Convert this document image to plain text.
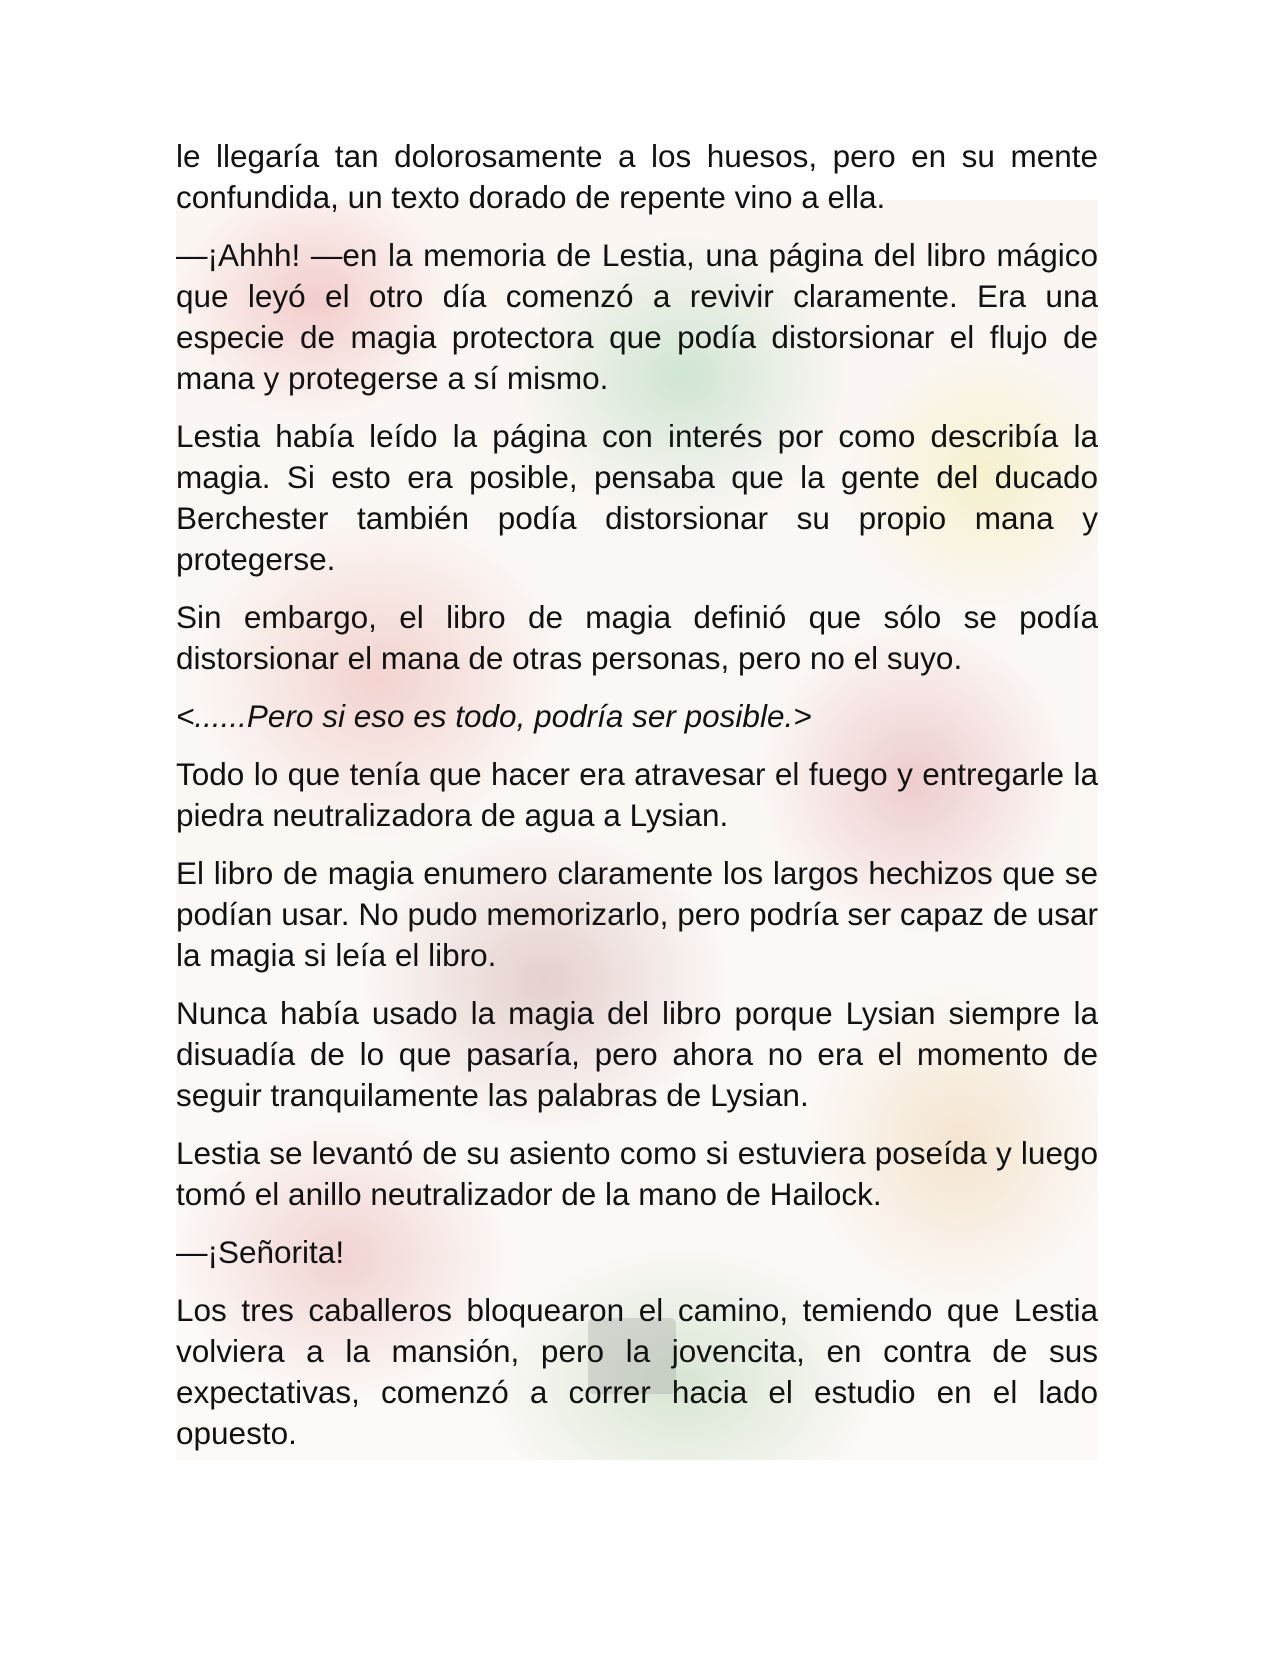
le llegaría tan dolorosamente a los huesos, pero en su mente confundida, un texto dorado de repente vino a ella.

—¡Ahhh! —en la memoria de Lestia, una página del libro mágico que leyó el otro día comenzó a revivir claramente. Era una especie de magia protectora que podía distorsionar el flujo de mana y protegerse a sí mismo.

Lestia había leído la página con interés por como describía la magia. Si esto era posible, pensaba que la gente del ducado Berchester también podía distorsionar su propio mana y protegerse.

Sin embargo, el libro de magia definió que sólo se podía distorsionar el mana de otras personas, pero no el suyo.

<......Pero si eso es todo, podría ser posible.>

Todo lo que tenía que hacer era atravesar el fuego y entregarle la piedra neutralizadora de agua a Lysian.

El libro de magia enumero claramente los largos hechizos que se podían usar. No pudo memorizarlo, pero podría ser capaz de usar la magia si leía el libro.

Nunca había usado la magia del libro porque Lysian siempre la disuadía de lo que pasaría, pero ahora no era el momento de seguir tranquilamente las palabras de Lysian.

Lestia se levantó de su asiento como si estuviera poseída y luego tomó el anillo neutralizador de la mano de Hailock.

—¡Señorita!

Los tres caballeros bloquearon el camino, temiendo que Lestia volviera a la mansión, pero la jovencita, en contra de sus expectativas, comenzó a correr hacia el estudio en el lado opuesto.
